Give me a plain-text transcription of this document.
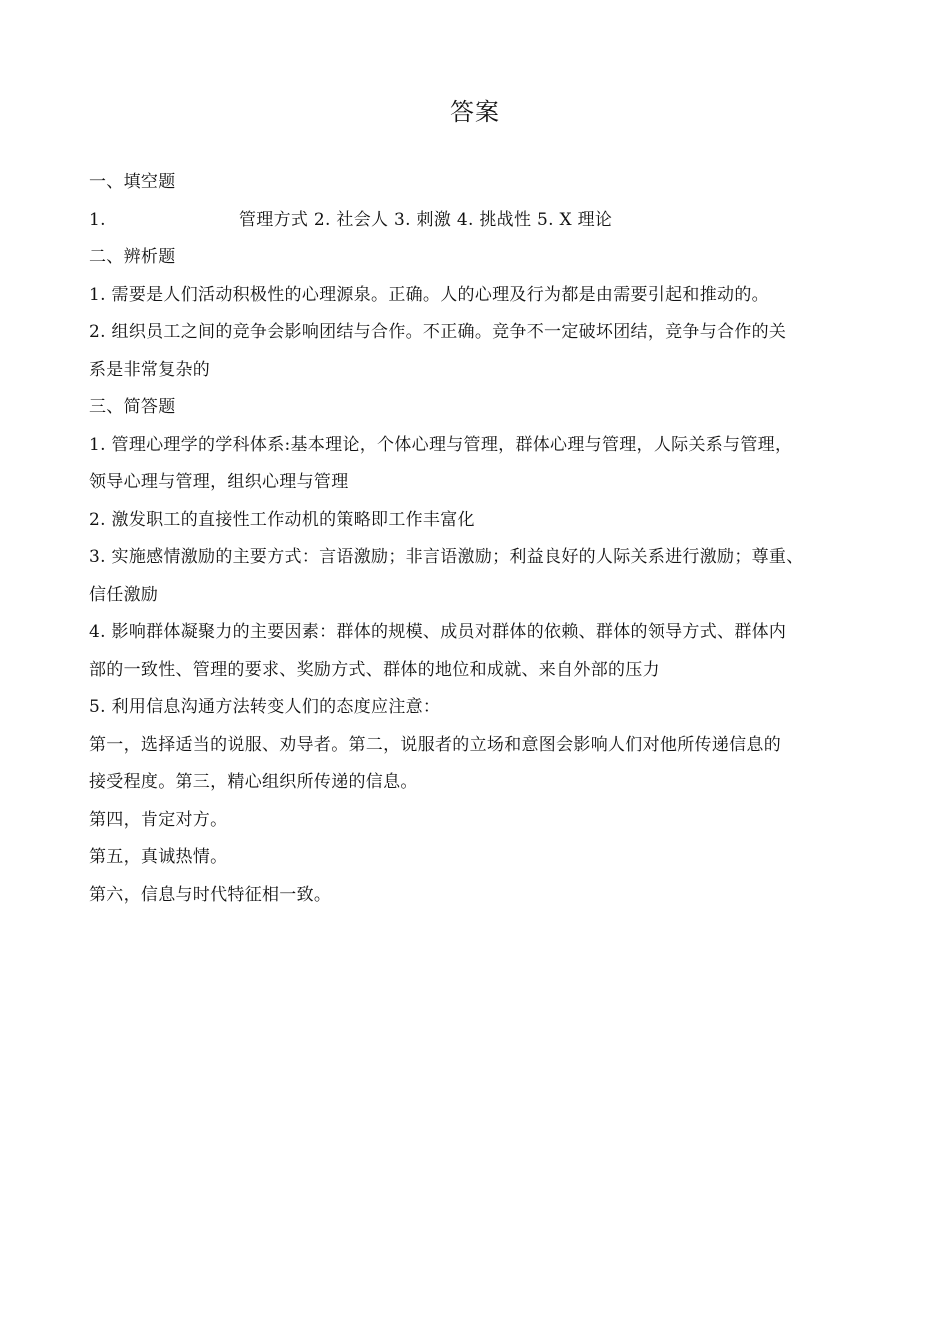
答案

一、填空题

1.	管理方式 2. 社会人 3. 刺激 4. 挑战性 5. X 理论

二、辨析题

1. 需要是人们活动积极性的心理源泉。正确。人的心理及行为都是由需要引起和推动的。

2. 组织员工之间的竞争会影响团结与合作。不正确。竞争不一定破坏团结，竞争与合作的关

系是非常复杂的

三、简答题

1. 管理心理学的学科体系:基本理论，个体心理与管理，群体心理与管理，人际关系与管理，

领导心理与管理，组织心理与管理

2. 激发职工的直接性工作动机的策略即工作丰富化

3. 实施感情激励的主要方式：言语激励；非言语激励；利益良好的人际关系进行激励；尊重、

信任激励

4. 影响群体凝聚力的主要因素：群体的规模、成员对群体的依赖、群体的领导方式、群体内

部的一致性、管理的要求、奖励方式、群体的地位和成就、来自外部的压力

5. 利用信息沟通方法转变人们的态度应注意：

第一，选择适当的说服、劝导者。第二，说服者的立场和意图会影响人们对他所传递信息的

接受程度。第三，精心组织所传递的信息。

第四，肯定对方。

第五，真诚热情。

第六，信息与时代特征相一致。
